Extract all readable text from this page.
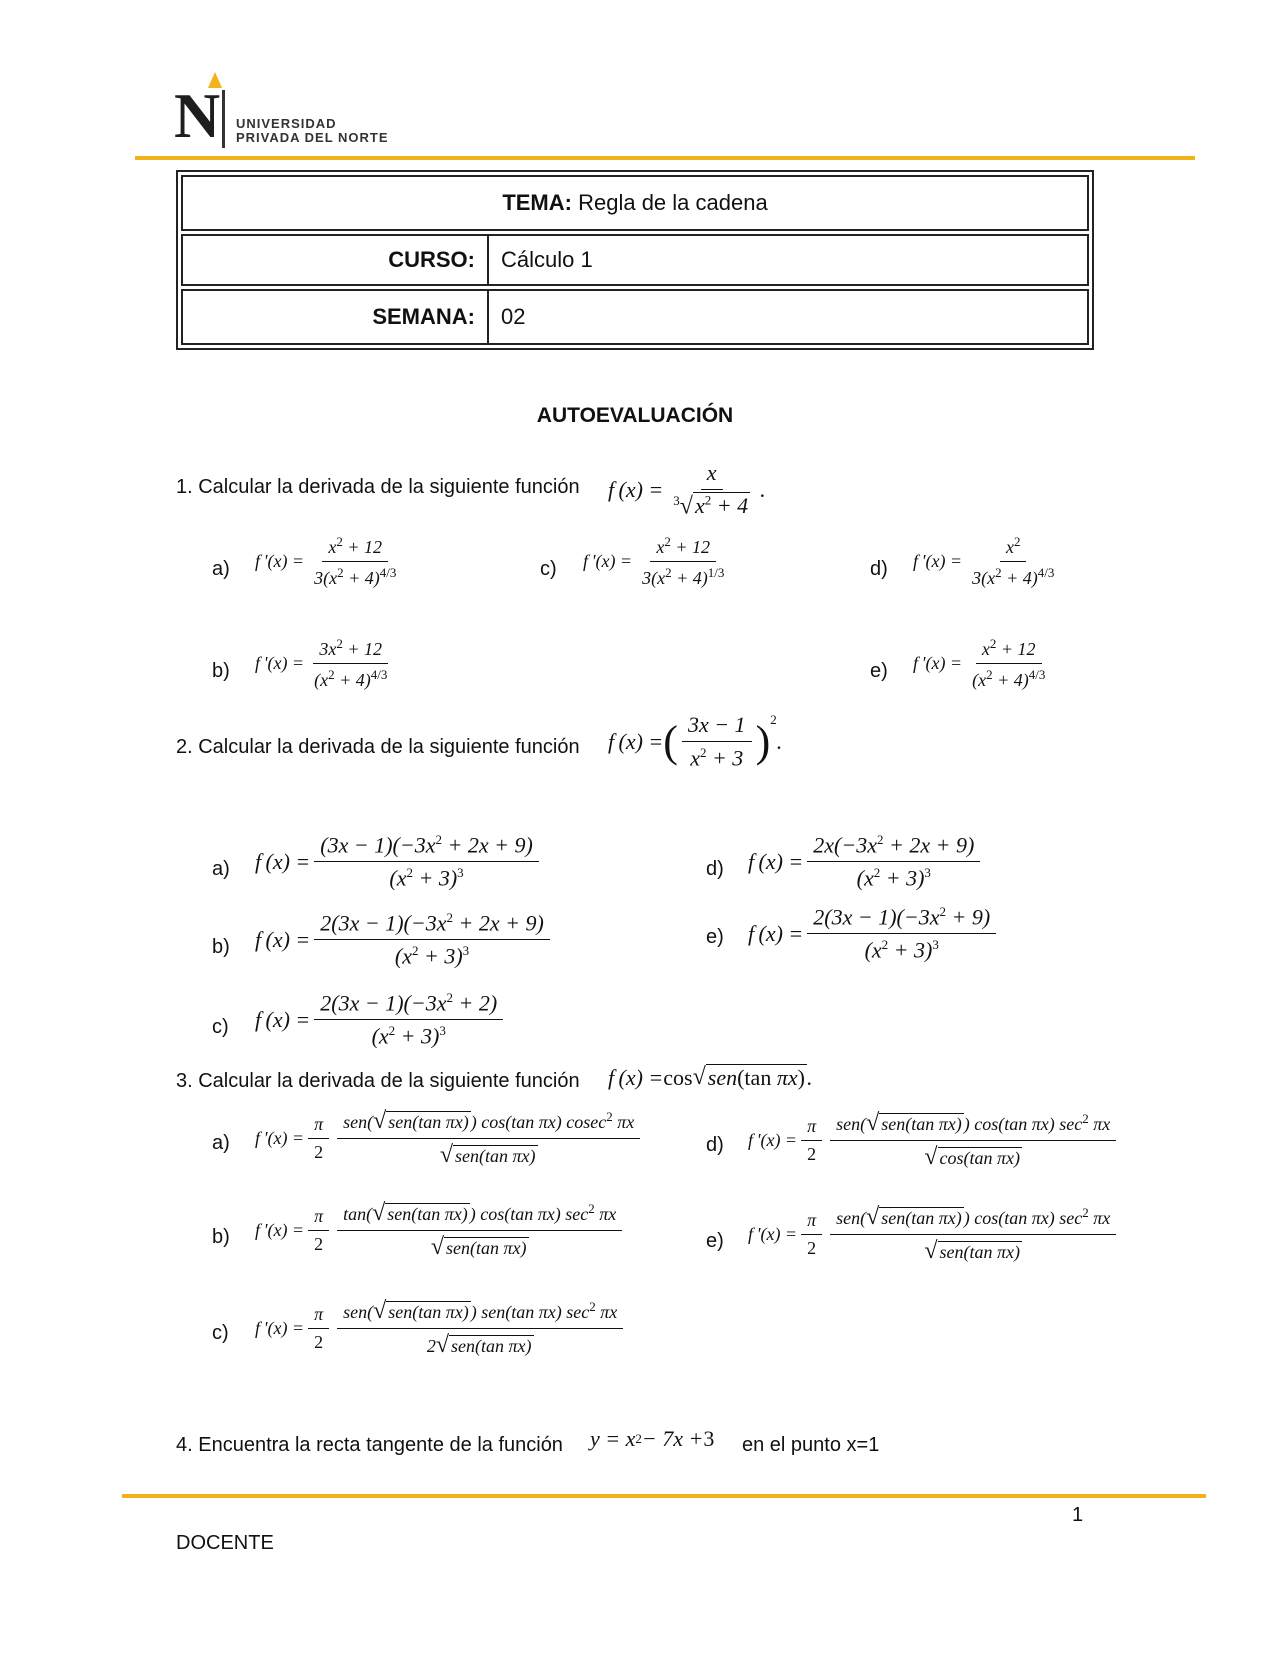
N UNIVERSIDAD
PRIVADA DEL NORTE
TEMA:
Regla de la cadena
CURSO:	Cálculo 1
SEMANA:	02
AUTOEVALUACIÓN
1. Calcular la derivada de la siguiente función f $(x) = \frac{x}{^3√x^2 + 4}$ .
a) f '$(x) = \frac{x^2 + 12}{3(x^2 + 4)^{4/3}}$	c) f '$(x) = \frac{x^2 + 12}{3(x^2 + 4)^{1/3}}$	d) f '$(x) = \frac{x^2}{3(x^2 + 4)^{4/3}}$
b) f '$(x) = \frac{3x^2 + 12}{(x^2 + 4)^{4/3}}$	e) f '$(x) = \frac{x^2 + 12}{(x^2 + 4)^{4/3}}$
2. Calcular la derivada de la siguiente función f (x) = ( $\frac{3x - 1}{x^2 + 3} )^2$
.
a) f $(x) = \frac{(3x - 1)(-3x^2 + 2x + 9)}{(x^2 + 3)^3}$	d) f $(x) = \frac{2x(-3x^2 + 2x + 9)}{(x^2 + 3)^3}$
b) f $(x) = \frac{2(3x - 1)(-3x^2 + 2x + 9)}{(x^2 + 3)^3}$	e) f $(x) = \frac{2(3x - 1)(-3x^2 + 9)}{(x^2 + 3)^3}$
c) f $(x) = \frac{2(3x - 1)(-3x^2 + 2)}{(x^2 + 3)^3}$
3. Calcular la derivada de la siguiente función f (x) = cos √ sen(tan πx) .
a) f '$(x) = \frac{\pi}{2} \frac{sen(√ sen(\tan \pi x) ) \cos(\tan \pi x) cosec^2 \pi x}{\text{√ sen(tan πx)}}$	d) f '$(x) = \frac{\pi}{2} \frac{sen(√ sen(\tan \pi x) ) \cos(\tan \pi x) \sec^2 \pi x}{\text{√ cos(tan πx)}}$
b) f '$(x) = \frac{\pi}{2} \frac{\tan(√ sen(\tan \pi x) ) \cos(\tan \pi x) \sec^2 \pi x}{\text{√ sen(tan πx)}}$	e) f '$(x) = \frac{\pi}{2} \frac{sen(√ sen(\tan \pi x) ) \cos(\tan \pi x) \sec^2 \pi x}{\text{√ sen(tan πx)}}$
c) f '$(x) = \frac{\pi}{2} \frac{sen(√ sen(\tan \pi x) ) sen(\tan \pi x) \sec^2 \pi x}{\text{2√ sen(tan πx)}}$
4. Encuentra la recta tangente de la función y = x 2 − 7x + 3 en el punto x=1
1
DOCENTE
